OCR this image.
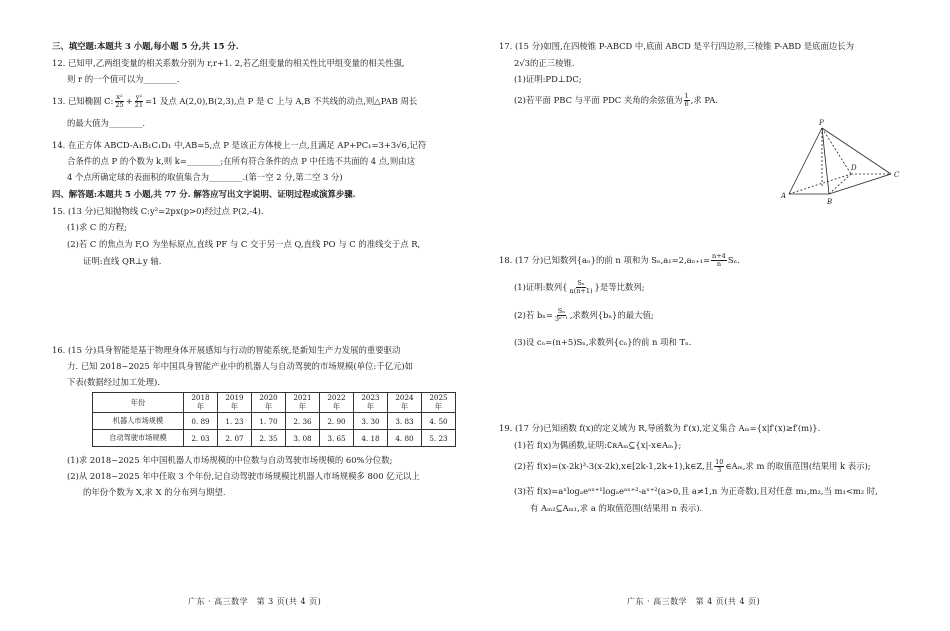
三、填空题:本题共 3 小题,每小题 5 分,共 15 分.
12. 已知甲,乙两组变量的相关系数分别为 r,r+1. 2,若乙组变量的相关性比甲组变量的相关性强,
则 r 的一个值可以为________.
13. 已知椭圆 C: $\frac{\text{x²}}{25} + \frac{\text{y²}}{21} =1$ 及点 A(2,0),B(2,3),点 P 是 C 上与 A,B 不共线的动点,则△PAB 周长
的最大值为________.
14. 在正方体 ABCD-A₁B₁C₁D₁ 中,AB=5,点 P 是该正方体棱上一点,且满足 AP+PC₁=3+3√6,记符
合条件的点 P 的个数为 k,则 k=________;在所有符合条件的点 P 中任选不共面的 4 点,则由这
4 个点所确定球的表面积的取值集合为________.(第一空 2 分,第二空 3 分)
四、解答题:本题共 5 小题,共 77 分. 解答应写出文字说明、证明过程或演算步骤.
15. (13 分)已知抛物线 C:y²=2px(p>0)经过点 P(2,-4).
(1)求 C 的方程;
(2)若 C 的焦点为 F,O 为坐标原点,直线 PF 与 C 交于另一点 Q,直线 PO 与 C 的准线交于点 R,
证明:直线 QR⊥y 轴.
16. (15 分)具身智能是基于物理身体开展感知与行动的智能系统,是新知生产力发展的重要驱动
力. 已知 2018~2025 年中国具身智能产业中的机器人与自动驾驶的市场规模(单位:千亿元)如
下表(数据经过加工处理).
年份	2018 年	2019 年	2020 年	2021 年	2022 年	2023 年	2024 年	2025 年
机器人市场规模	0. 89	1. 23	1. 70	2. 36	2. 90	3. 30	3. 83	4. 50
自动驾驶市场规模	2. 03	2. 07	2. 35	3. 08	3. 65	4. 18	4. 80	5. 23
(1)求 2018~2025 年中国机器人市场规模的中位数与自动驾驶市场规模的 60%分位数;
(2)从 2018~2025 年中任取 3 个年份,记自动驾驶市场规模比机器人市场规模多 800 亿元以上
的年份个数为 X,求 X 的分布列与期望.
广东 · 高三数学　第 3 页(共 4 页)
17. (15 分)如图,在四棱锥 P-ABCD 中,底面 ABCD 是平行四边形,三棱锥 P-ABD 是底面边长为
2√3的正三棱锥.
(1)证明:PD⊥DC;
(2)若平面 PBC 与平面 PDC 夹角的余弦值为 $\frac{1}{6}$ ,求 PA.
P
A
B
C
D
18. (17 分)已知数列{aₙ}的前 n 项和为 $S_n,a_1=2,a_{n+1}= \frac{n+4}{n} S_n$.
(1)证明:数列{ $\frac{\text{Sₙ}}{n(n+1)}$ }是等比数列;
(2)若 $b_n= \frac{\text{Sₙ}}{\text{3ⁿ⁻¹}}$ ,求数列{bₙ}的最大值;
(3)设 cₙ=(n+5)Sₙ,求数列{cₙ}的前 n 项和 Tₙ.
19. (17 分)已知函数 f(x)的定义域为 R,导函数为 f′(x),定义集合 Aₘ={x|f′(x)≥f′(m)}.
(1)若 f(x)为偶函数,证明:∁ʀAₘ⊆{x|-x∈Aₘ};
(2)若 f(x)=(x-2k)³-3(x-2k),x∈[2k-1,2k+1),k∈Z,且 $\frac{10}{3}$ ∈Aₘ,求 m 的取值范围(结果用 k 表示);
(3)若 f(x)=aˣlogₐeᵃˣ⁺¹logₐeᵃˣ⁺²-aˣ⁺²(a>0,且 a≠1,n 为正奇数),且对任意 m₁,m₂,当 m₁<m₂ 时,
有 Aₘ₂⊆Aₘ₁,求 a 的取值范围(结果用 n 表示).
广东 · 高三数学　第 4 页(共 4 页)
